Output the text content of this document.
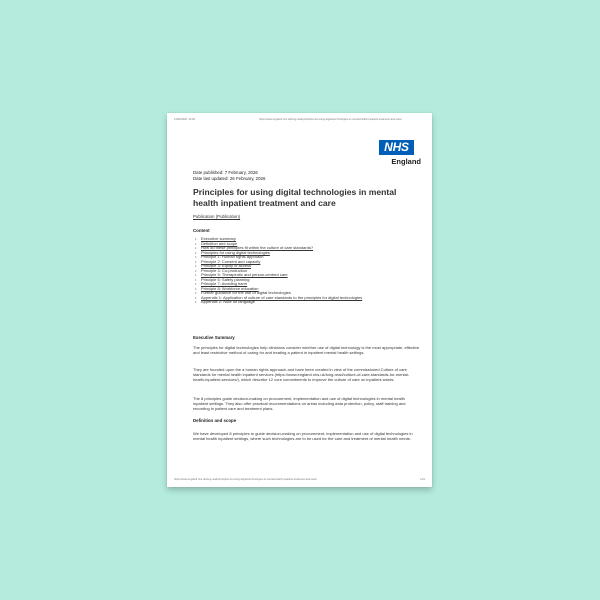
27/02/2026, 14:39	https://www.england.nhs.uk/long-read/principles-for-using-digital-technologies-in-mental-health-inpatient-treatment-and-care/
NHS
England
Date published: 7 February, 2026
Date last updated: 26 February, 2026
Principles for using digital technologies in mental health inpatient treatment and care
Publication (Publication)
Content
• Executive summary
• Definition and scope
• How do these principles fit within the culture of care standards?
• Principles for using digital technologies
• Principle 1: Human rights approach
• Principle 2: Consent and capacity
• Principle 3: Equity of access
• Principle 4: Co-production
• Principle 5: Therapeutic and person-centred care
• Principle 6: Safety planning
• Principle 7: Avoiding harm
• Principle 8: Workforce education
• Further guidance for the use of digital technologies
• Appendix 1: Application of culture of care standards to the principles for digital technologies
• Appendix 2: Note on language
Executive Summary
The principles for digital technologies help clinicians consider whether use of digital technology is the most appropriate, effective and least restrictive method of caring for and treating a patient in inpatient mental health settings.
They are founded upon the a human rights approach and have been created in view of the commissioned Culture of care standards for mental health inpatient services (https://www.england.nhs.uk/long-read/culture-of-care-standards-for-mental-health-inpatient-services/), which describe 12 core commitments to improve the culture of care on inpatient wards.
The 8 principles guide decision-making on procurement, implementation and use of digital technologies in mental health inpatient settings. They also offer practical recommendations on areas including data protection, policy, staff training and recording in patient care and treatment plans.
Definition and scope
We have developed 8 principles to guide decision-making on procurement, implementation and use of digital technologies in mental health inpatient settings, where such technologies are to be used for the care and treatment of mental health needs.
https://www.england.nhs.uk/long-read/principles-for-using-digital-technologies-in-mental-health-inpatient-treatment-and-care/	1/11
